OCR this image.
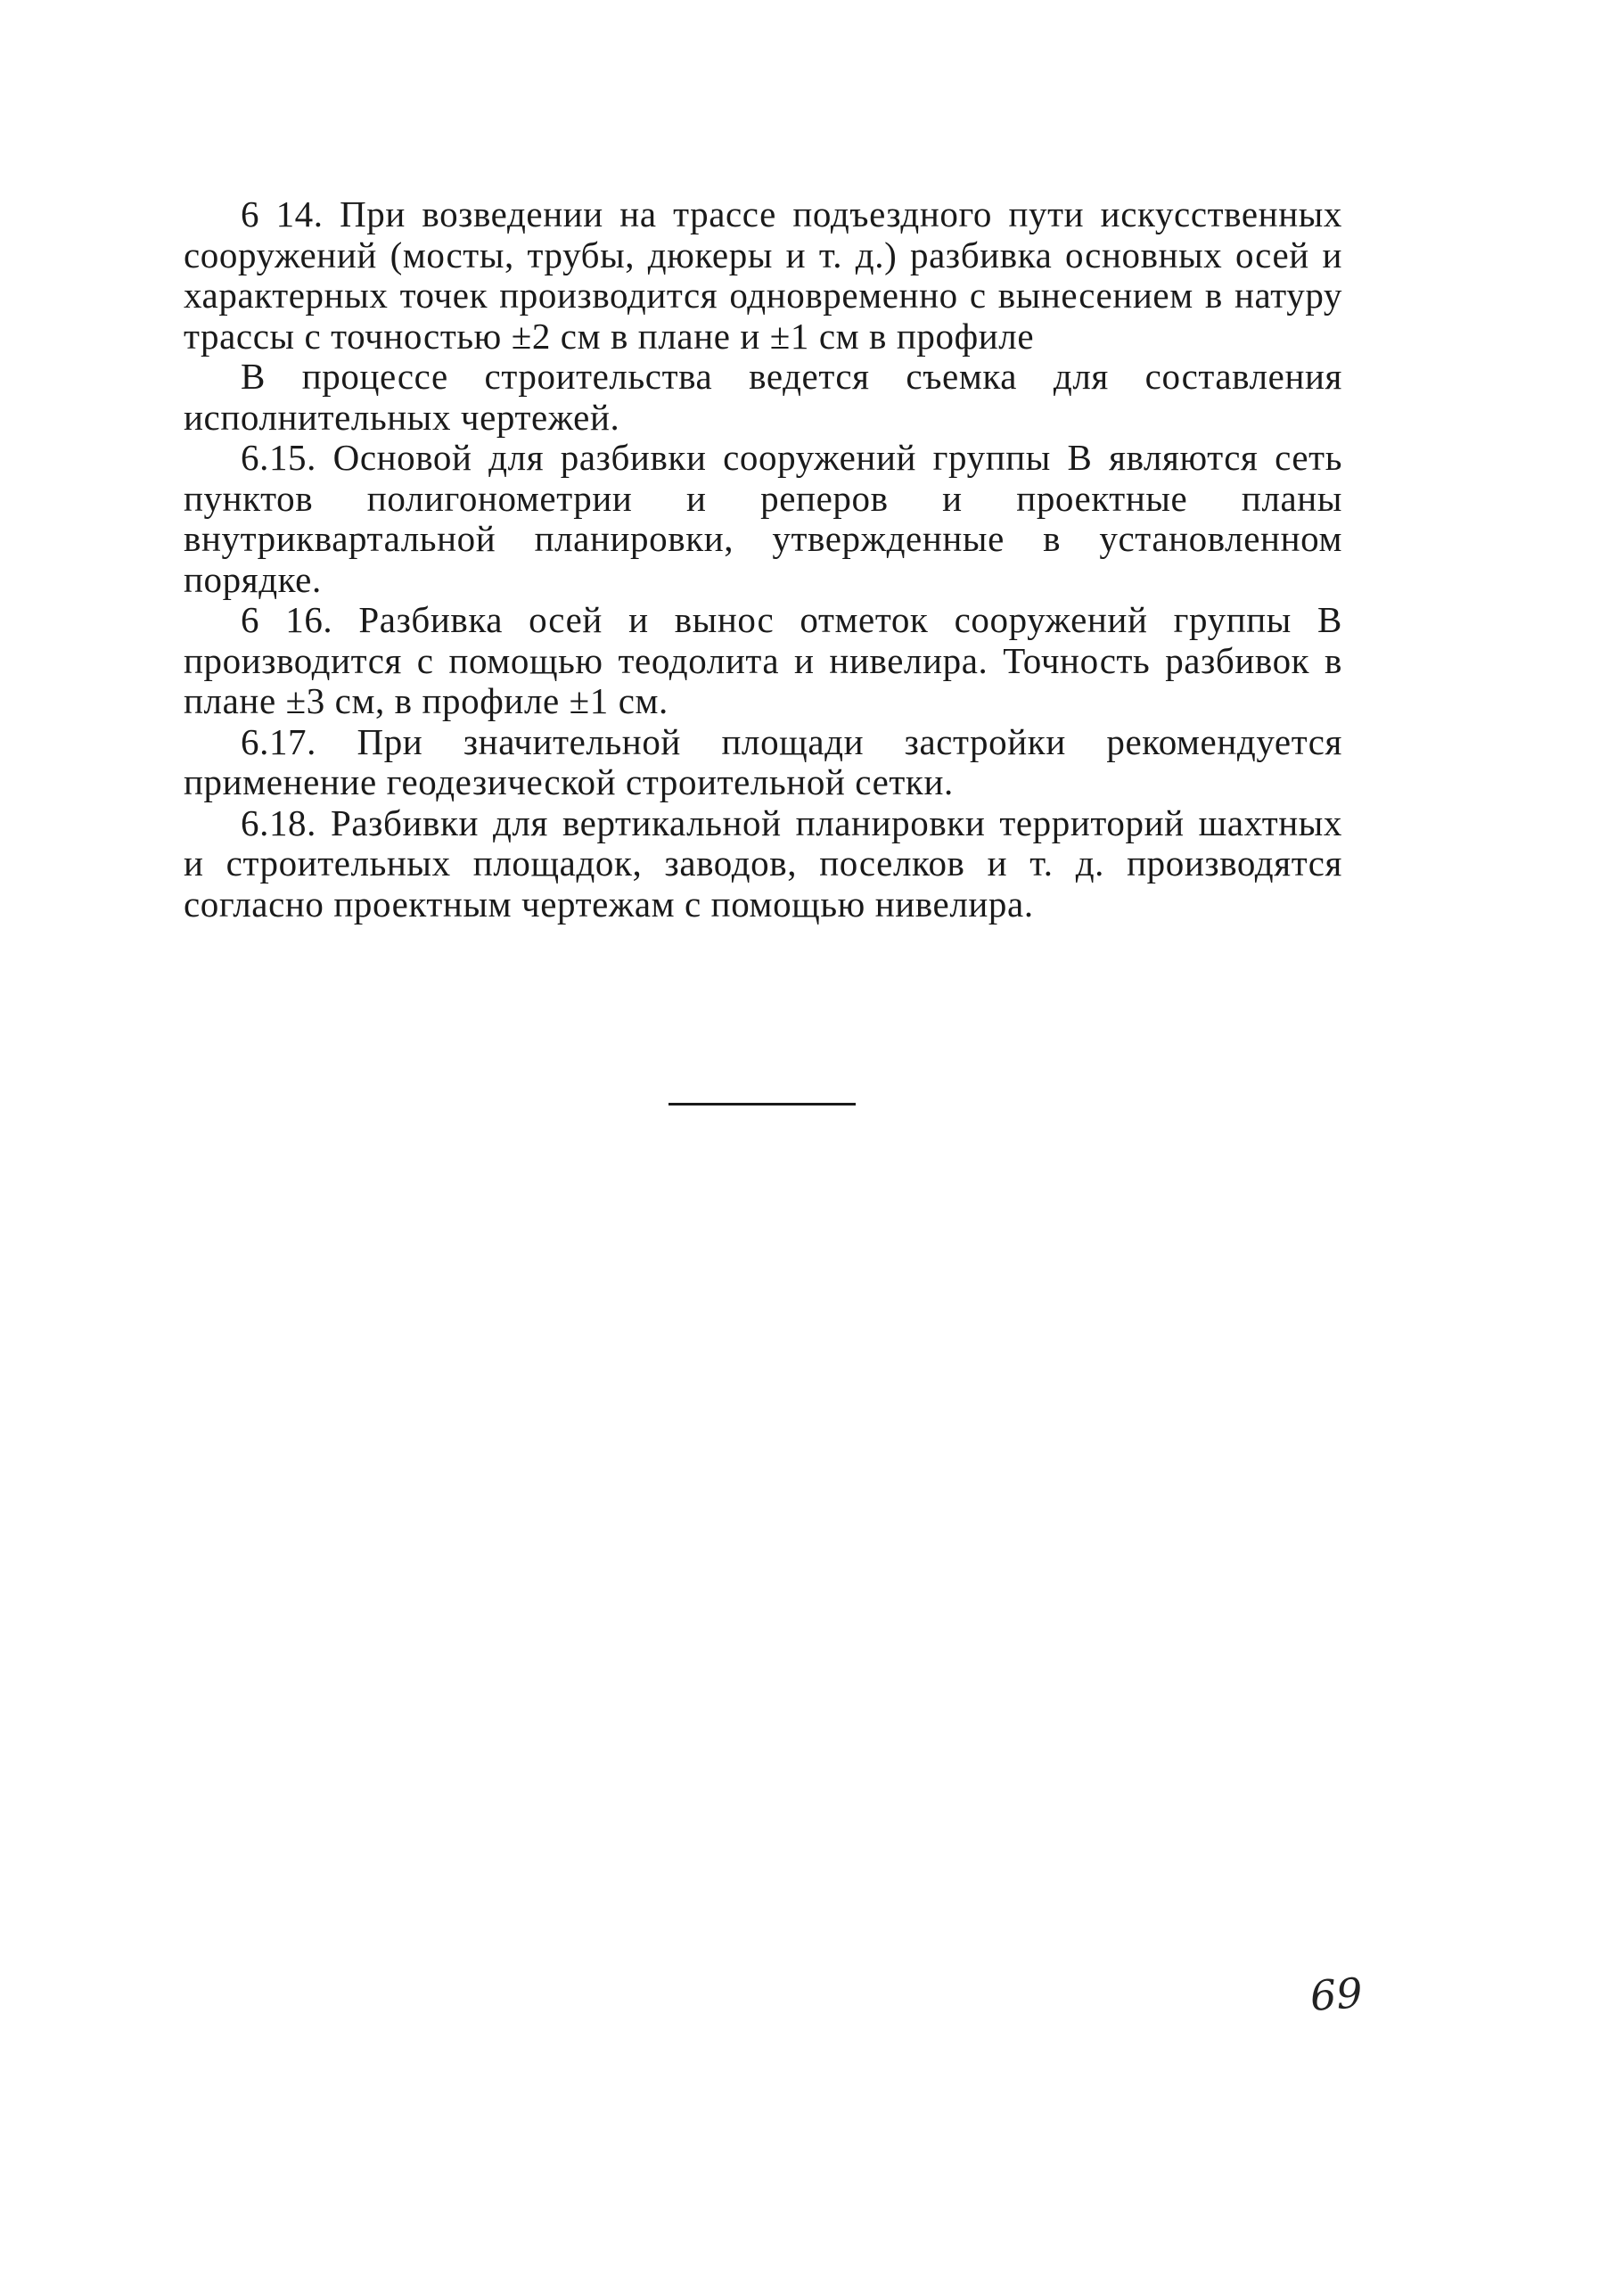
6 14. При возведении на трассе подъездного пути искусственных сооружений (мосты, трубы, дюкеры и т. д.) разбивка основных осей и характерных точек производится одновременно с вынесением в натуру трассы с точностью ±2 см в плане и ±1 см в профиле

В процессе строительства ведется съемка для составления исполнительных чертежей.

6.15. Основой для разбивки сооружений группы В являются сеть пунктов полигонометрии и реперов и проектные планы внутриквартальной планировки, утвержденные в установленном порядке.

6 16. Разбивка осей и вынос отметок сооружений группы В производится с помощью теодолита и нивелира. Точность разбивок в плане ±3 см, в профиле ±1 см.

6.17. При значительной площади застройки рекомендуется применение геодезической строительной сетки.

6.18. Разбивки для вертикальной планировки территорий шахтных и строительных площадок, заводов, поселков и т. д. производятся согласно проектным чертежам с помощью нивелира.

69
